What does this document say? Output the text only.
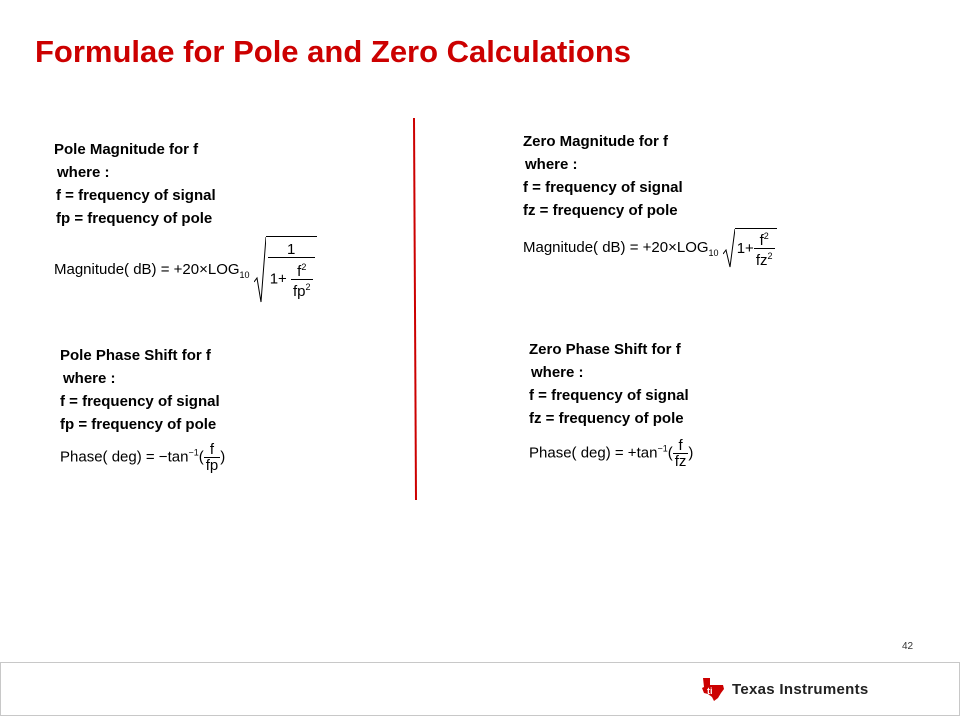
Formulae for Pole and Zero Calculations
Pole Magnitude for f
where :
f = frequency of signal
fp = frequency of pole
Magnitude( $dB) = +20\times LOG_{10} \frac{1}{1+ \frac{f^2}{fp^2}}$
Pole Phase Shift for f
where :
f = frequency of signal
fp = frequency of pole
Phase( $deg) = -\tan^{-1}( \frac{f}{fp}$ )
Zero Magnitude for f
where :
f = frequency of signal
fz = frequency of pole
Magnitude( $dB) = +20\times LOG_{10}$ $1+ \frac{f^2}{fz^2}$
Zero Phase Shift for f
where :
f = frequency of signal
fz = frequency of pole
Phase( $deg) = +\tan^{-1}( \frac{f}{fz}$ )
42
ti Texas Instruments
